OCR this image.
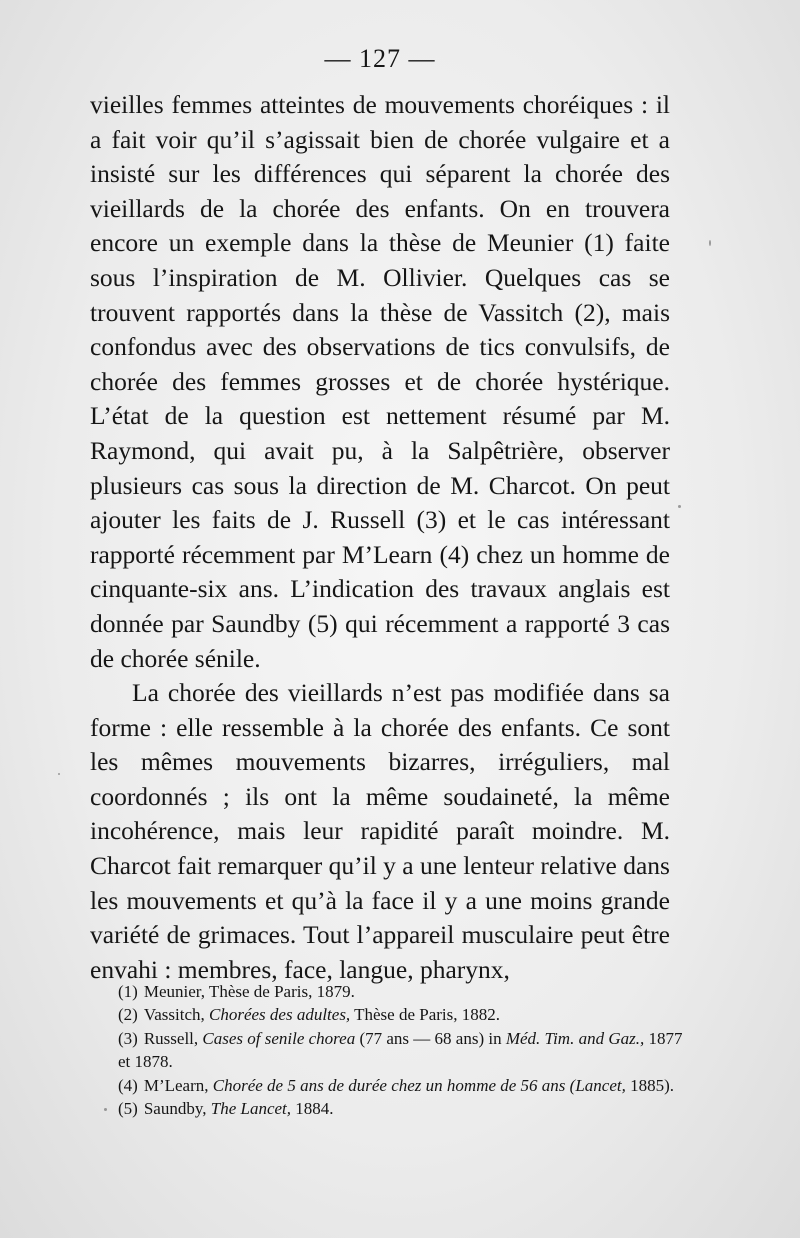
— 127 —

vieilles femmes atteintes de mouvements choréiques : il a fait voir qu’il s’agissait bien de chorée vulgaire et a insisté sur les différences qui séparent la chorée des vieillards de la chorée des enfants. On en trouvera encore un exemple dans la thèse de Meunier (1) faite sous l’inspiration de M. Ollivier. Quelques cas se trouvent rapportés dans la thèse de Vassitch (2), mais confondus avec des observations de tics convulsifs, de chorée des femmes grosses et de chorée hystérique. L’état de la question est nettement résumé par M. Raymond, qui avait pu, à la Salpêtrière, observer plusieurs cas sous la direction de M. Charcot. On peut ajouter les faits de J. Russell (3) et le cas intéressant rapporté récemment par M’Learn (4) chez un homme de cinquante-six ans. L’indication des travaux anglais est donnée par Saundby (5) qui récemment a rapporté 3 cas de chorée sénile.

La chorée des vieillards n’est pas modifiée dans sa forme : elle ressemble à la chorée des enfants. Ce sont les mêmes mouvements bizarres, irréguliers, mal coordonnés ; ils ont la même soudaineté, la même incohérence, mais leur rapidité paraît moindre. M. Charcot fait remarquer qu’il y a une lenteur relative dans les mouvements et qu’à la face il y a une moins grande variété de grimaces. Tout l’appareil musculaire peut être envahi : membres, face, langue, pharynx,

(1) Meunier, Thèse de Paris, 1879.

(2) Vassitch, Chorées des adultes, Thèse de Paris, 1882.

(3) Russell, Cases of senile chorea (77 ans — 68 ans) in Méd. Tim. and Gaz., 1877 et 1878.

(4) M’Learn, Chorée de 5 ans de durée chez un homme de 56 ans (Lancet, 1885).

(5) Saundby, The Lancet, 1884.
